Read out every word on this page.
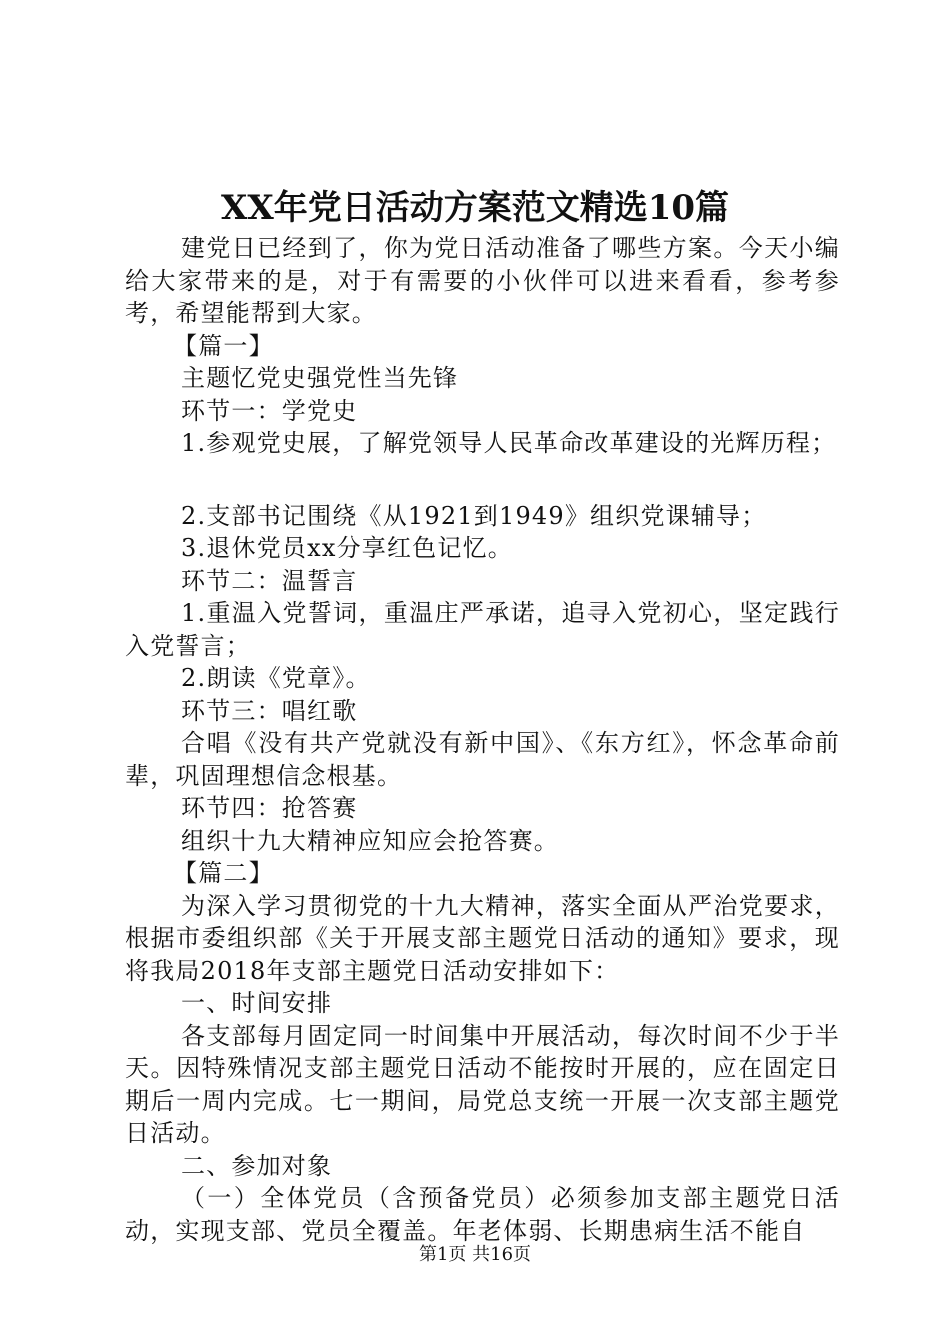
XX年党日活动方案范文精选10篇

建党日已经到了，你为党日活动准备了哪些方案。今天小编给大家带来的是，对于有需要的小伙伴可以进来看看，参考参考，希望能帮到大家。

【篇一】

主题忆党史强党性当先锋

环节一：学党史

1.参观党史展，了解党领导人民革命改革建设的光辉历程；

2.支部书记围绕《从1921到1949》组织党课辅导；

3.退休党员xx分享红色记忆。

环节二：温誓言

1.重温入党誓词，重温庄严承诺，追寻入党初心，坚定践行入党誓言；

2.朗读《党章》。

环节三：唱红歌

合唱《没有共产党就没有新中国》、《东方红》，怀念革命前辈，巩固理想信念根基。

环节四：抢答赛

组织十九大精神应知应会抢答赛。

【篇二】

为深入学习贯彻党的十九大精神，落实全面从严治党要求，根据市委组织部《关于开展支部主题党日活动的通知》要求，现将我局2018年支部主题党日活动安排如下：

一、时间安排

各支部每月固定同一时间集中开展活动，每次时间不少于半天。因特殊情况支部主题党日活动不能按时开展的，应在固定日期后一周内完成。七一期间，局党总支统一开展一次支部主题党日活动。

二、参加对象

（一）全体党员（含预备党员）必须参加支部主题党日活动，实现支部、党员全覆盖。年老体弱、长期患病生活不能自

第1页 共16页
